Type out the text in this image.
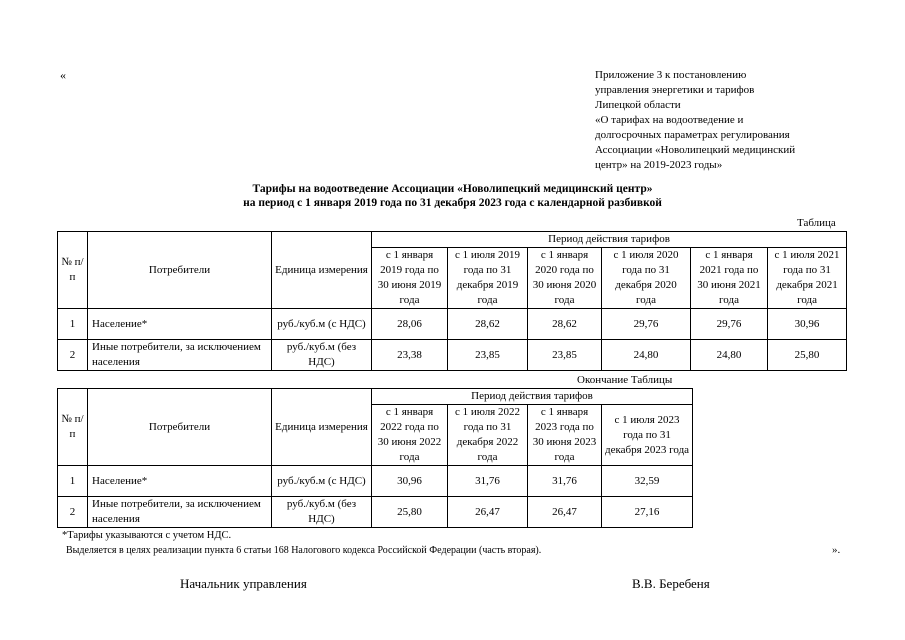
«	Приложение 3 к постановлению
управления энергетики и тарифов
Липецкой области
«О тарифах на водоотведение и
долгосрочных параметрах регулирования
Ассоциации «Новолипецкий медицинский
центр» на 2019-2023 годы»
Тарифы на водоотведение Ассоциации «Новолипецкий медицинский центр»
на период с 1 января 2019 года по 31 декабря 2023 года с календарной разбивкой
Таблица
№ п/п	Потребители	Единица измерения	Период действия тарифов					
			с 1 января 2019 года по 30 июня 2019 года	с 1 июля 2019 года по 31 декабря 2019 года	с 1 января 2020 года по 30 июня 2020 года	с 1 июля 2020 года по 31 декабря 2020 года	с 1 января 2021 года по 30 июня 2021 года	с 1 июля 2021 года по 31 декабря 2021 года
1	Население*	руб./куб.м (с НДС)	28,06	28,62	28,62	29,76	29,76	30,96
2	Иные потребители, за исключением населения	руб./куб.м (без НДС)	23,38	23,85	23,85	24,80	24,80	25,80
Окончание Таблицы
№ п/п	Потребители	Единица измерения	Период действия тарифов			
			с 1 января 2022 года по 30 июня 2022 года	с 1 июля 2022 года по 31 декабря 2022 года	с 1 января 2023 года по 30 июня 2023 года	с 1 июля 2023 года по 31 декабря 2023 года
1	Население*	руб./куб.м (с НДС)	30,96	31,76	31,76	32,59
2	Иные потребители, за исключением населения	руб./куб.м (без НДС)	25,80	26,47	26,47	27,16
*Тарифы указываются с учетом НДС.
Выделяется в целях реализации пункта 6 статьи 168 Налогового кодекса Российской Федерации (часть вторая).	».
Начальник управления	В.В. Беребеня
